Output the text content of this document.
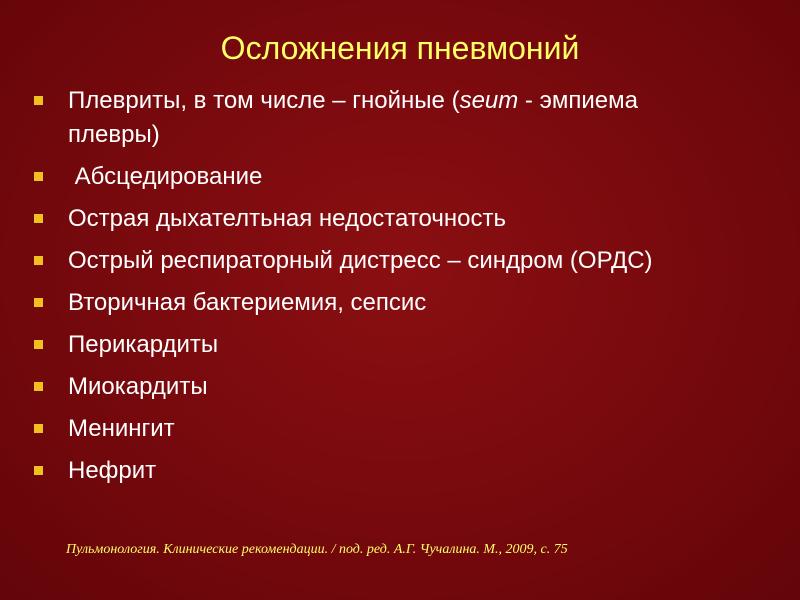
Осложнения пневмоний
Плевриты, в том числе – гнойные (seum - эмпиема плевры)
Абсцедирование
Острая дыхателтьная недостаточность
Острый респираторный дистресс – синдром (ОРДС)
Вторичная бактериемия, сепсис
Перикардиты
Миокардиты
Менингит
Нефрит
Пульмонология. Клинические рекомендации. / под. ред. А.Г. Чучалина. М., 2009, с. 75
